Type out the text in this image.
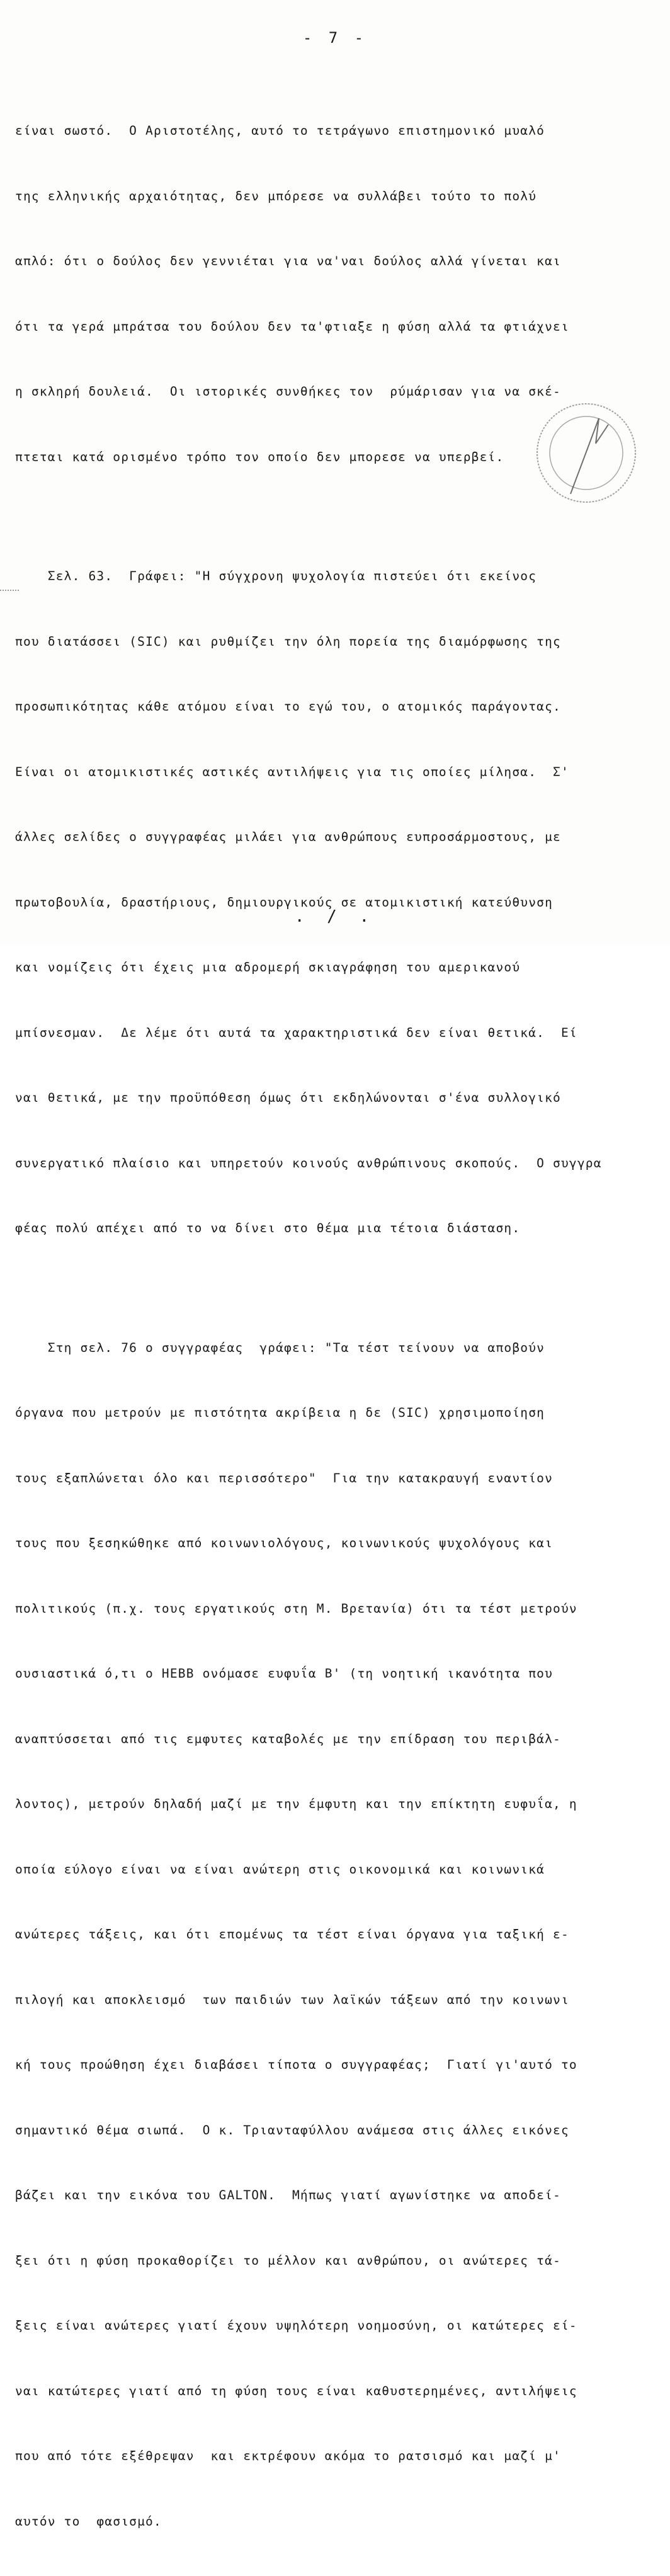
- 7 -

είναι σωστό.  Ο Αριστοτέλης, αυτό το τετράγωνο επιστημονικό μυαλό

της ελληνικής αρχαιότητας, δεν μπόρεσε να συλλάβει τούτο το πολύ

απλό: ότι ο δούλος δεν γεννιέται για να'ναι δούλος αλλά γίνεται και

ότι τα γερά μπράτσα του δούλου δεν τα'φτιαξε η φύση αλλά τα φτιάχνει

η σκληρή δουλειά.  Οι ιστορικές συνθήκες τον  ρύμάρισαν για να σκέ-

πτεται κατά ορισμένο τρόπο τον οποίο δεν μπορεσε να υπερβεί.

Σελ. 63.  Γράφει: "Η σύγχρονη ψυχολογία πιστεύει ότι εκείνος

που διατάσσει (SIC) και ρυθμίζει την όλη πορεία της διαμόρφωσης της

προσωπικότητας κάθε ατόμου είναι το εγώ του, ο ατομικός παράγοντας.

Είναι οι ατομικιστικές αστικές αντιλήψεις για τις οποίες μίλησα.  Σ'

άλλες σελίδες ο συγγραφέας μιλάει για ανθρώπους ευπροσάρμοστους, με

πρωτοβουλία, δραστήριους, δημιουργικούς σε ατομικιστική κατεύθυνση

και νομίζεις ότι έχεις μια αδρομερή σκιαγράφηση του αμερικανού

μπίσνεσμαν.  Δε λέμε ότι αυτά τα χαρακτηριστικά δεν είναι θετικά.  Εί

ναι θετικά, με την προϋπόθεση όμως ότι εκδηλώνονται σ'ένα συλλογικό

συνεργατικό πλαίσιο και υπηρετούν κοινούς ανθρώπινους σκοπούς.  Ο συγγρα

φέας πολύ απέχει από το να δίνει στο θέμα μια τέτοια διάσταση.

Στη σελ. 76 ο συγγραφέας  γράφει: "Τα τέστ τείνουν να αποβούν

όργανα που μετρούν με πιστότητα ακρίβεια η δε (SIC) χρησιμοποίηση

τους εξαπλώνεται όλο και περισσότερο"  Για την κατακραυγή εναντίον

τους που ξεσηκώθηκε από κοινωνιολόγους, κοινωνικούς ψυχολόγους και

πολιτικούς (π.χ. τους εργατικούς στη Μ. Βρετανία) ότι τα τέστ μετρούν

ουσιαστικά ό,τι ο HEBB ονόμασε ευφυΐα Β' (τη νοητική ικανότητα που

αναπτύσσεται από τις εμφυτες καταβολές με την επίδραση του περιβάλ-

λοντος), μετρούν δηλαδή μαζί με την έμφυτη και την επίκτητη ευφυΐα, η

οποία εύλογο είναι να είναι ανώτερη στις οικονομικά και κοινωνικά

ανώτερες τάξεις, και ότι επομένως τα τέστ είναι όργανα για ταξική ε-

πιλογή και αποκλεισμό  των παιδιών των λαϊκών τάξεων από την κοινωνι

κή τους προώθηση έχει διαβάσει τίποτα ο συγγραφέας;  Γιατί γι'αυτό το

σημαντικό θέμα σιωπά.  Ο κ. Τριανταφύλλου ανάμεσα στις άλλες εικόνες

βάζει και την εικόνα του GALTON.  Μήπως γιατί αγωνίστηκε να αποδεί-

ξει ότι η φύση προκαθορίζει το μέλλον και ανθρώπου, οι ανώτερες τά-

ξεις είναι ανώτερες γιατί έχουν υψηλότερη νοημοσύνη, οι κατώτερες εί-

ναι κατώτερες γιατί από τη φύση τους είναι καθυστερημένες, αντιλήψεις

που από τότε εξέθρεψαν  και εκτρέφουν ακόμα το ρατσισμό και μαζί μ'

αυτόν το  φασισμό.

. / .
